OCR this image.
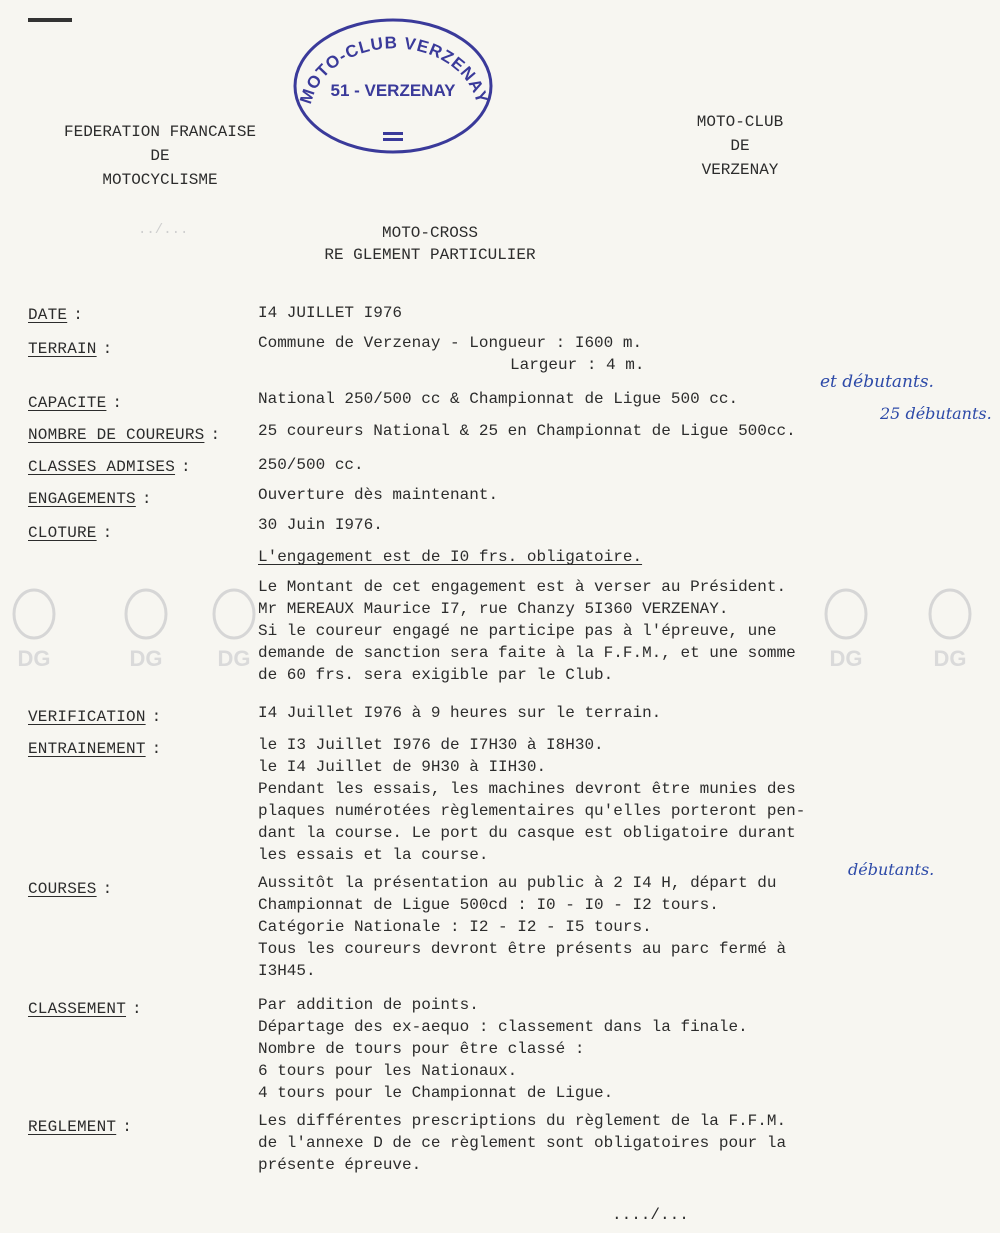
MOTO-CLUB VERZENAY
51 - VERZENAY
FEDERATION FRANCAISE
DE
MOTOCYCLISME
MOTO-CLUB
DE
VERZENAY
../...	MOTO-CROSS
RE GLEMENT PARTICULIER
DG	DG	DG	DG	DG
DATE :	I4 JUILLET I976
TERRAIN :	Commune de Verzenay - Longueur : I600 m.
Largeur : 4 m.
CAPACITE :	National 250/500 cc & Championnat de Ligue 500 cc.
et débutants.
NOMBRE DE COUREURS : 25 coureurs National & 25 en Championnat de Ligue 500cc.
25 débutants.
CLASSES ADMISES :	250/500 cc.
ENGAGEMENTS :	Ouverture dès maintenant.
CLOTURE :	30 Juin I976.
L'engagement est de I0 frs. obligatoire.
Le Montant de cet engagement est à verser au Président.
Mr MEREAUX Maurice I7, rue Chanzy 5I360 VERZENAY.
Si le coureur engagé ne participe pas à l'épreuve, une
demande de sanction sera faite à la F.F.M., et une somme
de 60 frs. sera exigible par le Club.
VERIFICATION :	I4 Juillet I976 à 9 heures sur le terrain.
ENTRAINEMENT :	le I3 Juillet I976 de I7H30 à I8H30.
le I4 Juillet de 9H30 à IIH30.
Pendant les essais, les machines devront être munies des
plaques numérotées règlementaires qu'elles porteront pen-
dant la course. Le port du casque est obligatoire durant
les essais et la course.
COURSES :	Aussitôt la présentation au public à 2 I4 H, départ du
Championnat de Ligue 500cd : I0 - I0 - I2 tours.
Catégorie Nationale : I2 - I2 - I5 tours.
Tous les coureurs devront être présents au parc fermé à
I3H45.
débutants.
CLASSEMENT :	Par addition de points.
Départage des ex-aequo : classement dans la finale.
Nombre de tours pour être classé :
6 tours pour les Nationaux.
4 tours pour le Championnat de Ligue.
REGLEMENT :	Les différentes prescriptions du règlement de la F.F.M.
de l'annexe D de ce règlement sont obligatoires pour la
présente épreuve.
..../...
